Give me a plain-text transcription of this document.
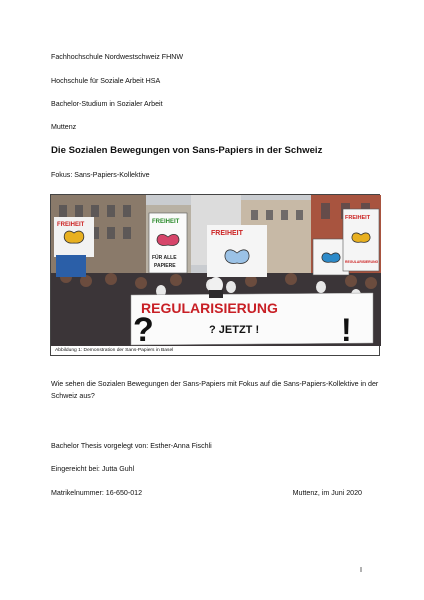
Fachhochschule Nordwestschweiz FHNW
Hochschule für Soziale Arbeit HSA
Bachelor-Studium in Sozialer Arbeit
Muttenz
Die Sozialen Bewegungen von Sans-Papiers in der Schweiz
Fokus: Sans-Papiers-Kollektive
FREIHEIT	FREIHEIT
FÜR ALLE
PAPIERE
FREIHEIT
FREIHEIT
REGULARISIERUNG
REGULARISIERUNG
? JETZT !
?	!
Abbildung 1: Demonstration der Sans-Papiers in Basel
Wie sehen die Sozialen Bewegungen der Sans-Papiers mit Fokus auf die Sans-Papiers-Kollektive in der Schweiz aus?
Bachelor Thesis vorgelegt von: Esther-Anna Fischli
Eingereicht bei: Jutta Guhl
Matrikelnummer: 16-650-012	Muttenz, im Juni 2020
I
